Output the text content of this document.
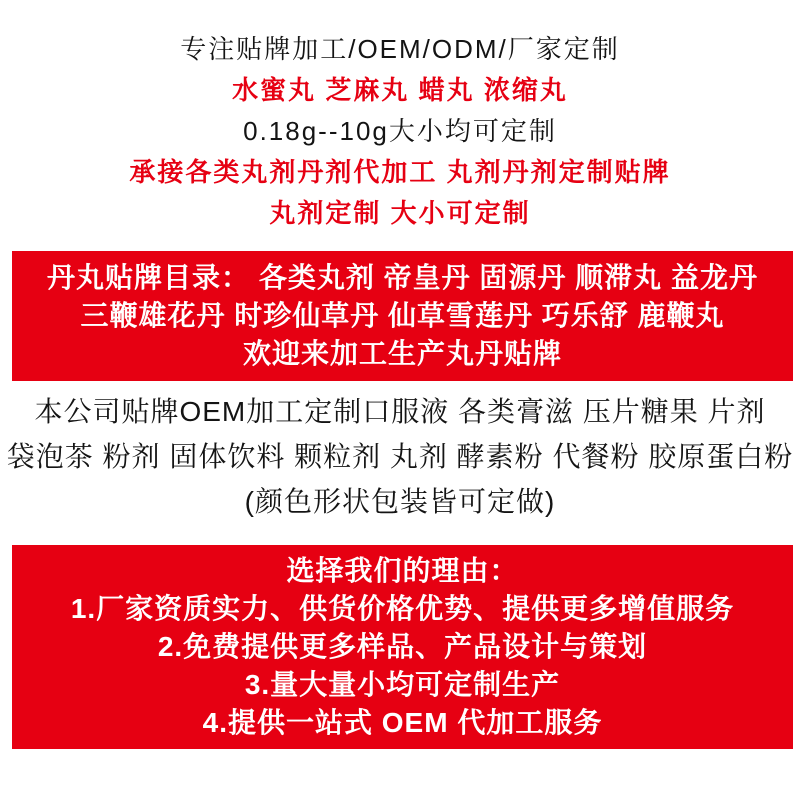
专注贴牌加工/OEM/ODM/厂家定制
水蜜丸 芝麻丸 蜡丸 浓缩丸
0.18g--10g大小均可定制
承接各类丸剂丹剂代加工 丸剂丹剂定制贴牌
丸剂定制 大小可定制
丹丸贴牌目录： 各类丸剂 帝皇丹 固源丹 顺滞丸 益龙丹
三鞭雄花丹 时珍仙草丹 仙草雪莲丹 巧乐舒 鹿鞭丸
欢迎来加工生产丸丹贴牌
本公司贴牌OEM加工定制口服液 各类膏滋 压片糖果 片剂
袋泡茶 粉剂 固体饮料 颗粒剂 丸剂 酵素粉 代餐粉 胶原蛋白粉
(颜色形状包装皆可定做)
选择我们的理由：
1.厂家资质实力、供货价格优势、提供更多增值服务
2.免费提供更多样品、产品设计与策划
3.量大量小均可定制生产
4.提供一站式 OEM 代加工服务
